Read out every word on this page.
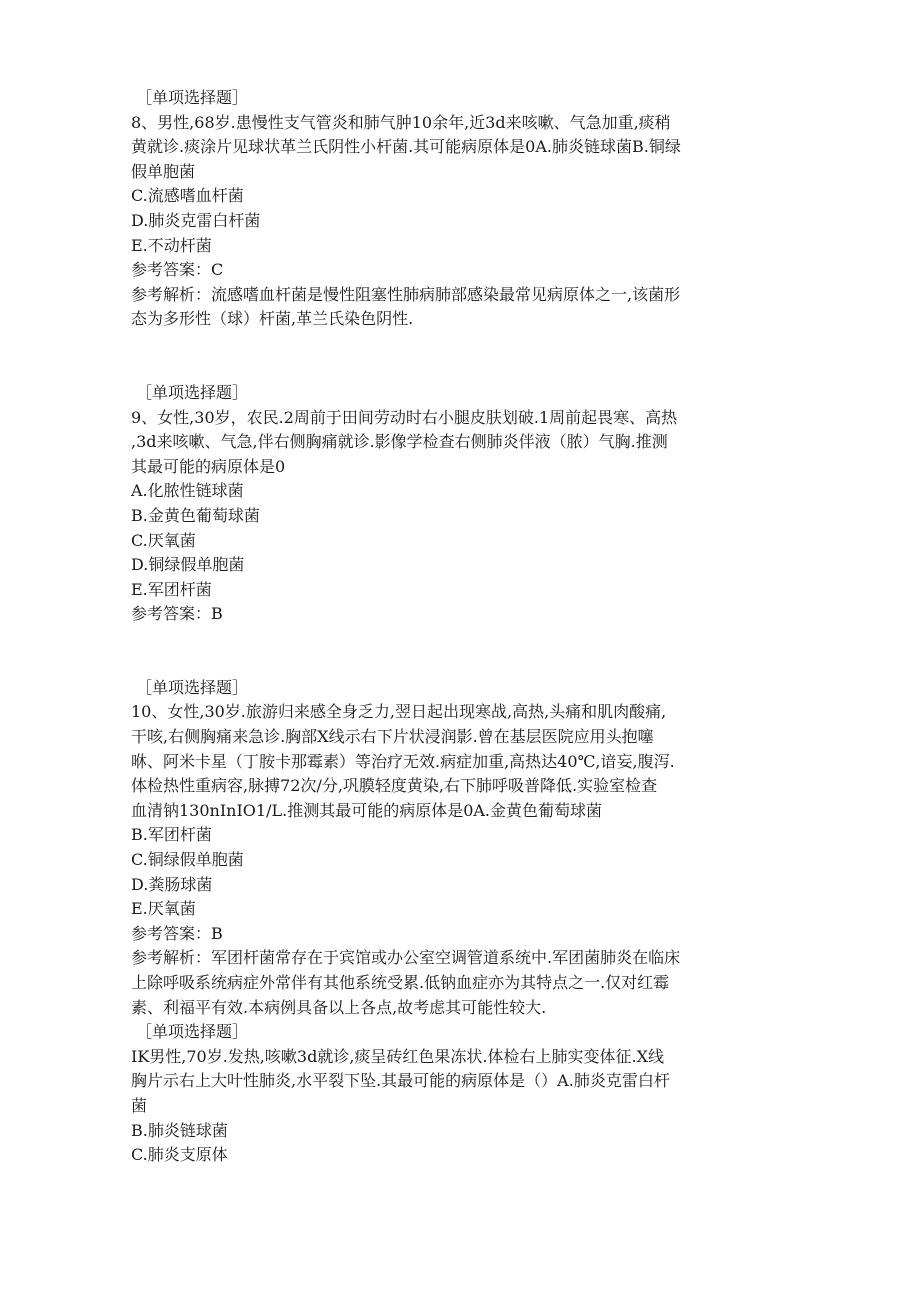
［单项选择题］

8、男性,68岁.患慢性支气管炎和肺气肿10余年,近3d来咳嗽、气急加重,痰稍

黄就诊.痰涂片见球状革兰氏阴性小杆菌.其可能病原体是0A.肺炎链球菌B.铜绿

假单胞菌

C.流感嗜血杆菌

D.肺炎克雷白杆菌

E.不动杆菌

参考答案：C

参考解析：流感嗜血杆菌是慢性阻塞性肺病肺部感染最常见病原体之一,该菌形

态为多形性（球）杆菌,革兰氏染色阴性.

［单项选择题］

9、女性,30岁，农民.2周前于田间劳动时右小腿皮肤划破.1周前起畏寒、高热

,3d来咳嗽、气急,伴右侧胸痛就诊.影像学检查右侧肺炎伴液（脓）气胸.推测

其最可能的病原体是0

A.化脓性链球菌

B.金黄色葡萄球菌

C.厌氧菌

D.铜绿假单胞菌

E.军团杆菌

参考答案：B

［单项选择题］

10、女性,30岁.旅游归来感全身乏力,翌日起出现寒战,高热,头痛和肌肉酸痛,

干咳,右侧胸痛来急诊.胸部X线示右下片状浸润影.曾在基层医院应用头抱噻

咻、阿米卡星（丁胺卡那霉素）等治疗无效.病症加重,高热达40℃,谙妄,腹泻.

体检热性重病容,脉搏72次/分,巩膜轻度黄染,右下肺呼吸普降低.实验室检查

血清钠130nInIO1/L.推测其最可能的病原体是0A.金黄色葡萄球菌

B.军团杆菌

C.铜绿假单胞菌

D.粪肠球菌

E.厌氧菌

参考答案：B

参考解析：军团杆菌常存在于宾馆或办公室空调管道系统中.军团菌肺炎在临床

上除呼吸系统病症外常伴有其他系统受累.低钠血症亦为其特点之一.仅对红霉

素、利福平有效.本病例具备以上各点,故考虑其可能性较大.

［单项选择题］

IK男性,70岁.发热,咳嗽3d就诊,痰呈砖红色果冻状.体检右上肺实变体征.X线

胸片示右上大叶性肺炎,水平裂下坠.其最可能的病原体是（）A.肺炎克雷白杆

菌

B.肺炎链球菌

C.肺炎支原体
